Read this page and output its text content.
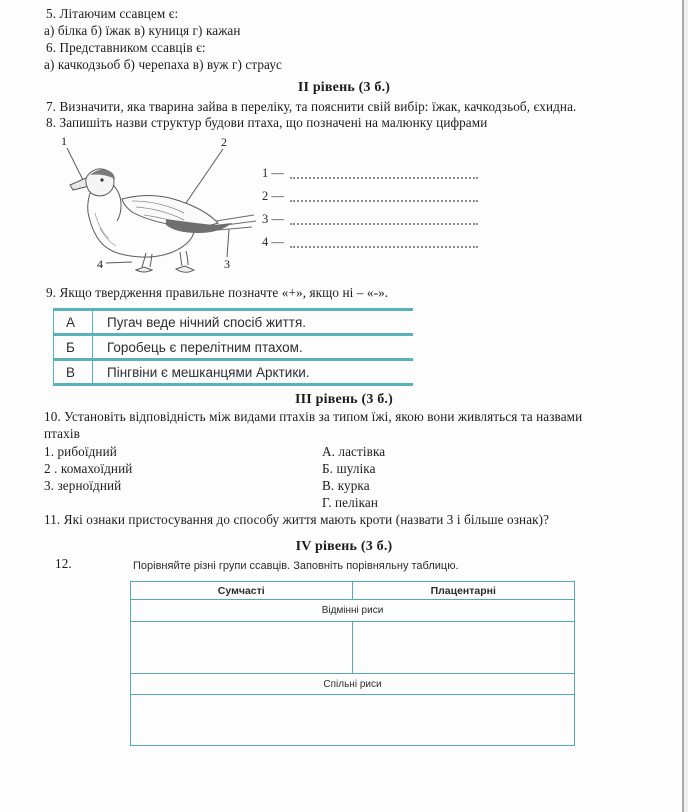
5. Літаючим ссавцем є:
а) білка б) їжак в) куниця г) кажан
6. Представником ссавців є:
а) качкодзьоб б) черепаха в) вуж г) страус
II рівень (3 б.)
7. Визначити, яка тварина зайва в переліку, та пояснити свій вибір: їжак, качкодзьоб, єхидна.
8. Запишіть назви структур будови птаха, що позначені на малюнку цифрами
1	2
3
4
1 —
2 —
3 —
4 —
9. Якщо твердження правильне позначте «+», якщо ні – «-».
А	Пугач веде нічний спосіб життя.
Б	Горобець є перелітним птахом.
В	Пінгвіни є мешканцями Арктики.
III рівень (3 б.)
10. Установіть відповідність між видами птахів за типом їжі, якою вони живляться та назвами
птахів
1. рибоїдний
2 . комахоїдний
3. зерноїдний
А. ластівка
Б. шуліка
В. курка
Г. пелікан
11. Які ознаки пристосування до способу життя мають кроти (назвати 3 і більше ознак)?
IV рівень (3 б.)
12.	Порівняйте різні групи ссавців. Заповніть порівняльну таблицю.
Сумчасті	Плацентарні
Відмінні риси
Спільні риси
